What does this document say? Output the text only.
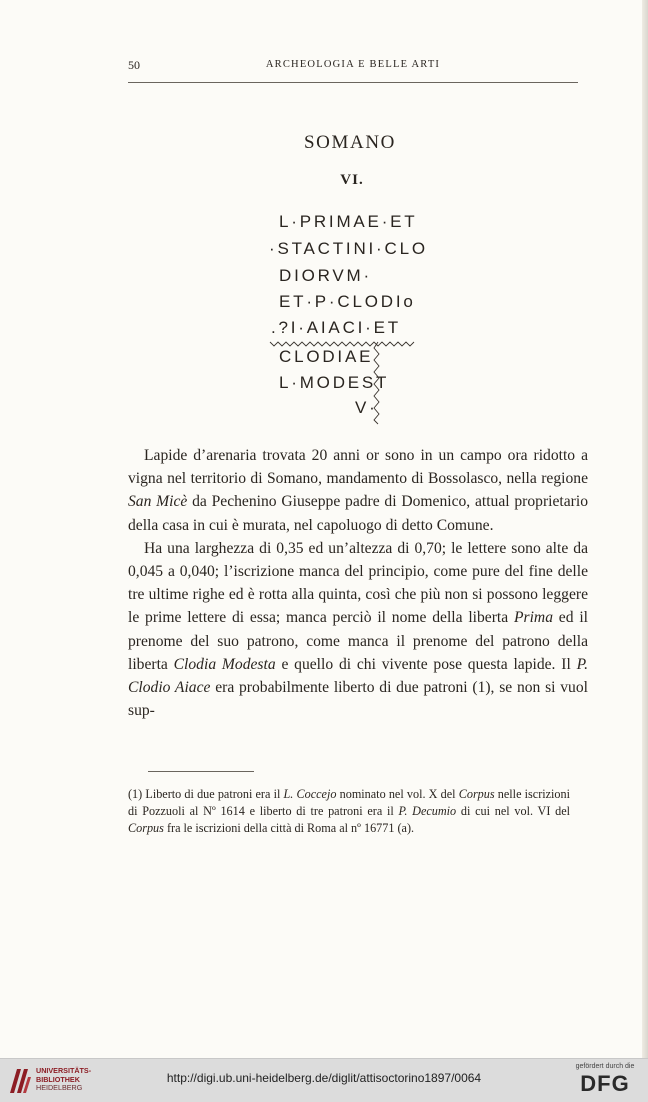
50	ARCHEOLOGIA E BELLE ARTI
SOMANO
VI.
L·PRIMAE·ET
·STACTINI·CLO
DIORVM·
ET·P·CLODIo
.?I·AIACI·ET
CLODIAE
L·MODEST
V·

Lapide d’arenaria trovata 20 anni or sono in un campo ora ridotto a vigna nel territorio di Somano, mandamento di Bossolasco, nella regione San Micè da Pechenino Giuseppe padre di Domenico, attual proprietario della casa in cui è murata, nel capoluogo di detto Comune.

Ha una larghezza di 0,35 ed un’altezza di 0,70; le lettere sono alte da 0,045 a 0,040; l’iscrizione manca del principio, come pure del fine delle tre ultime righe ed è rotta alla quinta, così che più non si possono leggere le prime lettere di essa; manca perciò il nome della liberta Prima ed il prenome del suo patrono, come manca il prenome del patrono della liberta Clodia Modesta e quello di chi vivente pose questa lapide. Il P. Clodio Aiace era probabilmente liberto di due patroni (1), se non si vuol sup-

(1) Liberto di due patroni era il L. Coccejo nominato nel vol. X del Corpus nelle iscrizioni di Pozzuoli al Nº 1614 e liberto di tre patroni era il P. Decumio di cui nel vol. VI del Corpus fra le iscrizioni della città di Roma al nº 16771 (a).
UNIVERSITÄTS-
BIBLIOTHEK
HEIDELBERG
http://digi.ub.uni-heidelberg.de/diglit/attisoctorino1897/0064
gefördert durch die
DFG
